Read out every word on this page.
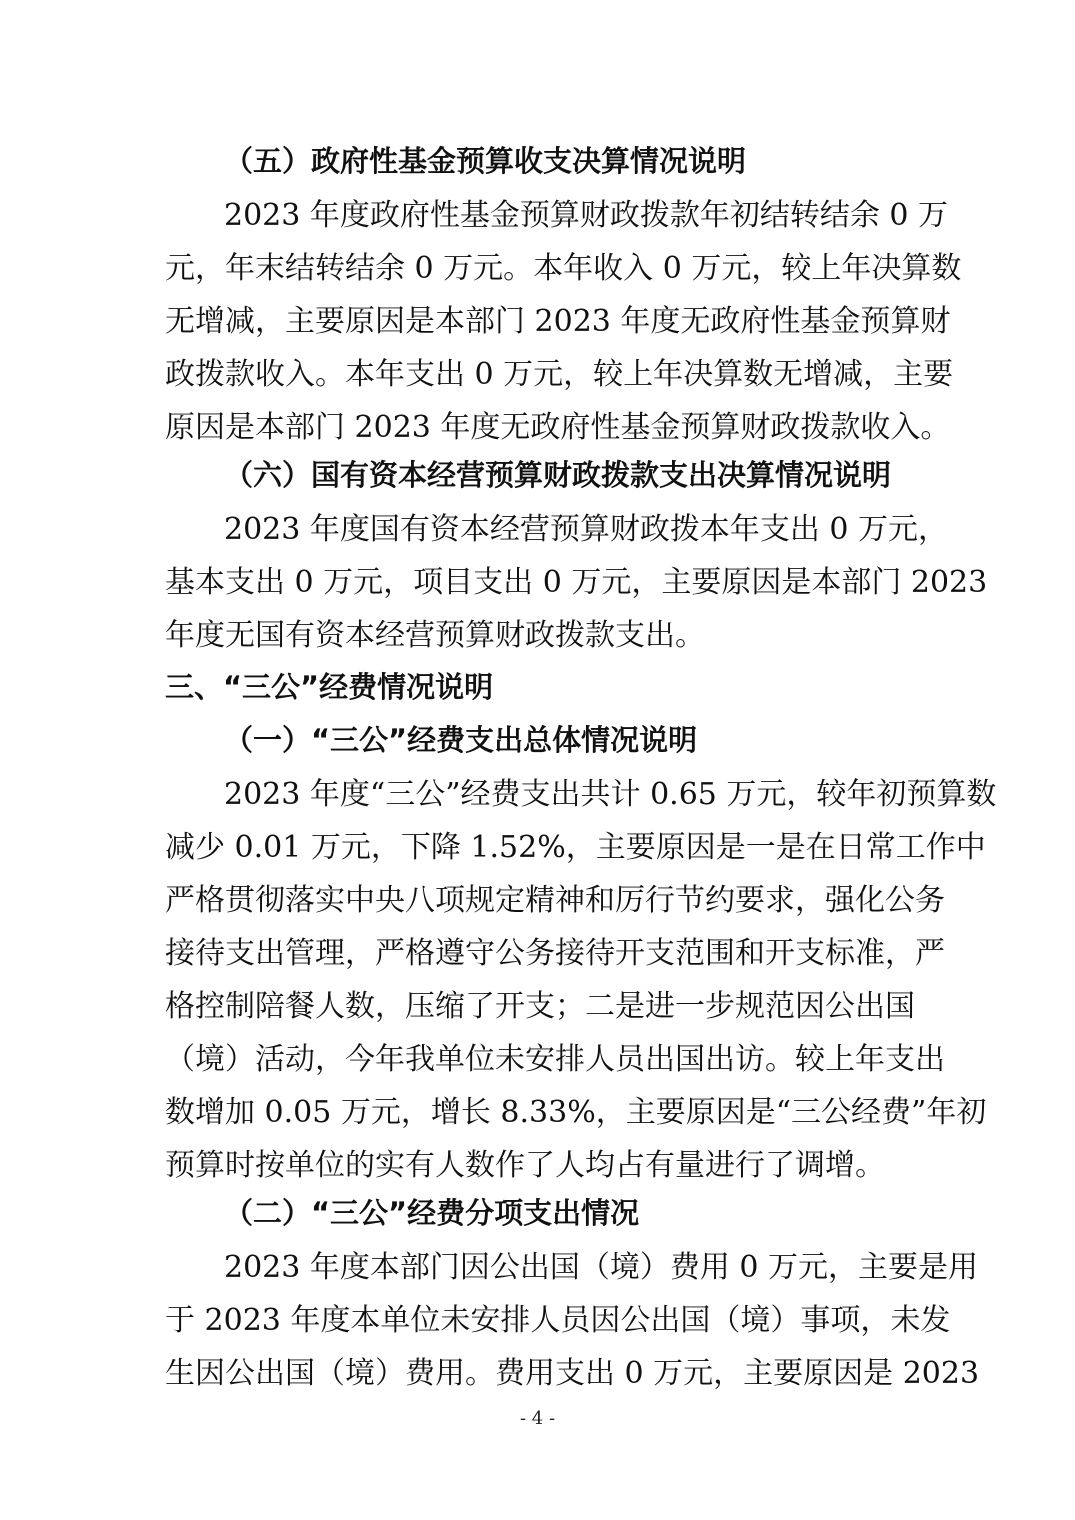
- 4 -
（五）政府性基金预算收支决算情况说明
2023 年度政府性基金预算财政拨款年初结转结余 0 万
元，年末结转结余 0 万元。本年收入 0 万元，较上年决算数
无增减，主要原因是本部门 2023 年度无政府性基金预算财
政拨款收入。本年支出 0 万元，较上年决算数无增减，主要
原因是本部门 2023 年度无政府性基金预算财政拨款收入。
（六）国有资本经营预算财政拨款支出决算情况说明
2023 年度国有资本经营预算财政拨本年支出 0 万元，
基本支出 0 万元，项目支出 0 万元，主要原因是本部门 2023
年度无国有资本经营预算财政拨款支出。
三、“三公”经费情况说明
（一）“三公”经费支出总体情况说明
2023 年度“三公”经费支出共计 0.65 万元，较年初预算数
减少 0.01 万元，下降 1.52%，主要原因是一是在日常工作中
严格贯彻落实中央八项规定精神和厉行节约要求，强化公务
接待支出管理，严格遵守公务接待开支范围和开支标准，严
格控制陪餐人数，压缩了开支；二是进一步规范因公出国
（境）活动，今年我单位未安排人员出国出访。较上年支出
数增加 0.05 万元，增长 8.33%，主要原因是“三公经费”年初
预算时按单位的实有人数作了人均占有量进行了调增。
（二）“三公”经费分项支出情况
2023 年度本部门因公出国（境）费用 0 万元，主要是用
于 2023 年度本单位未安排人员因公出国（境）事项，未发
生因公出国（境）费用。费用支出 0 万元，主要原因是 2023
